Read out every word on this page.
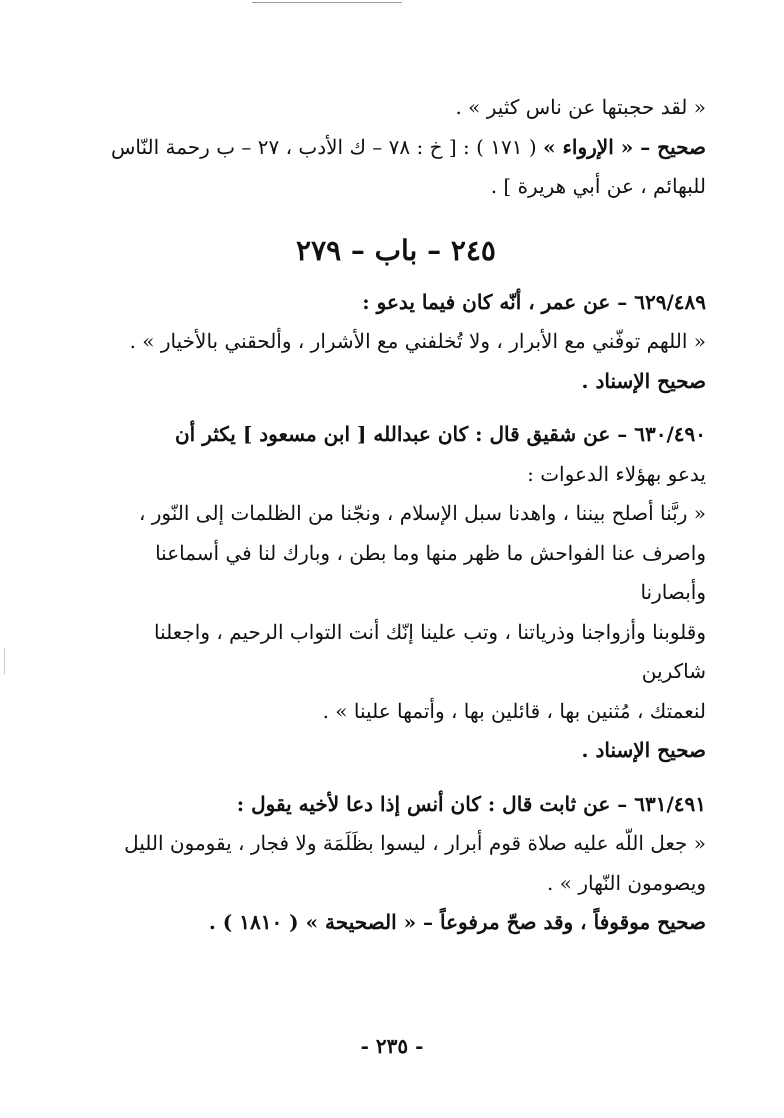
« لقد حجبتها عن ناس كثير » .

صحيح – « الإرواء » ( ١٧١ ) : [ خ : ٧٨ – ك الأدب ، ٢٧ – ب رحمة النّاس

للبهائم ، عن أبي هريرة ] .

٢٤٥ – باب – ٢٧٩

٦٢٩/٤٨٩ – عن عمر ، أنّه كان فيما يدعو :

« اللهم توفّني مع الأبرار ، ولا تُخلفني مع الأشرار ، وألحقني بالأخيار » .

صحيح الإسناد .

٦٣٠/٤٩٠ – عن شقيق قال : كان عبدالله [ ابن مسعود ] يكثر أن

يدعو بهؤلاء الدعوات :

« ربَّنا أصلح بيننا ، واهدنا سبل الإسلام ، ونجّنا من الظلمات إلى النّور ،

واصرف عنا الفواحش ما ظهر منها وما بطن ، وبارك لنا في أسماعنا وأبصارنا

وقلوبنا وأزواجنا وذرياتنا ، وتب علينا إنّك أنت التواب الرحيم ، واجعلنا شاكرين

لنعمتك ، مُثنين بها ، قائلين بها ، وأتمها علينا » .

صحيح الإسناد .

٦٣١/٤٩١ – عن ثابت قال : كان أنس إذا دعا لأخيه يقول :

« جعل اللّه عليه صلاة قوم أبرار ، ليسوا بظَلَمَة ولا فجار ، يقومون الليل

ويصومون النّهار » .

صحيح موقوفاً ، وقد صحّ مرفوعاً – « الصحيحة » ( ١٨١٠ ) .

- ٢٣٥ -
